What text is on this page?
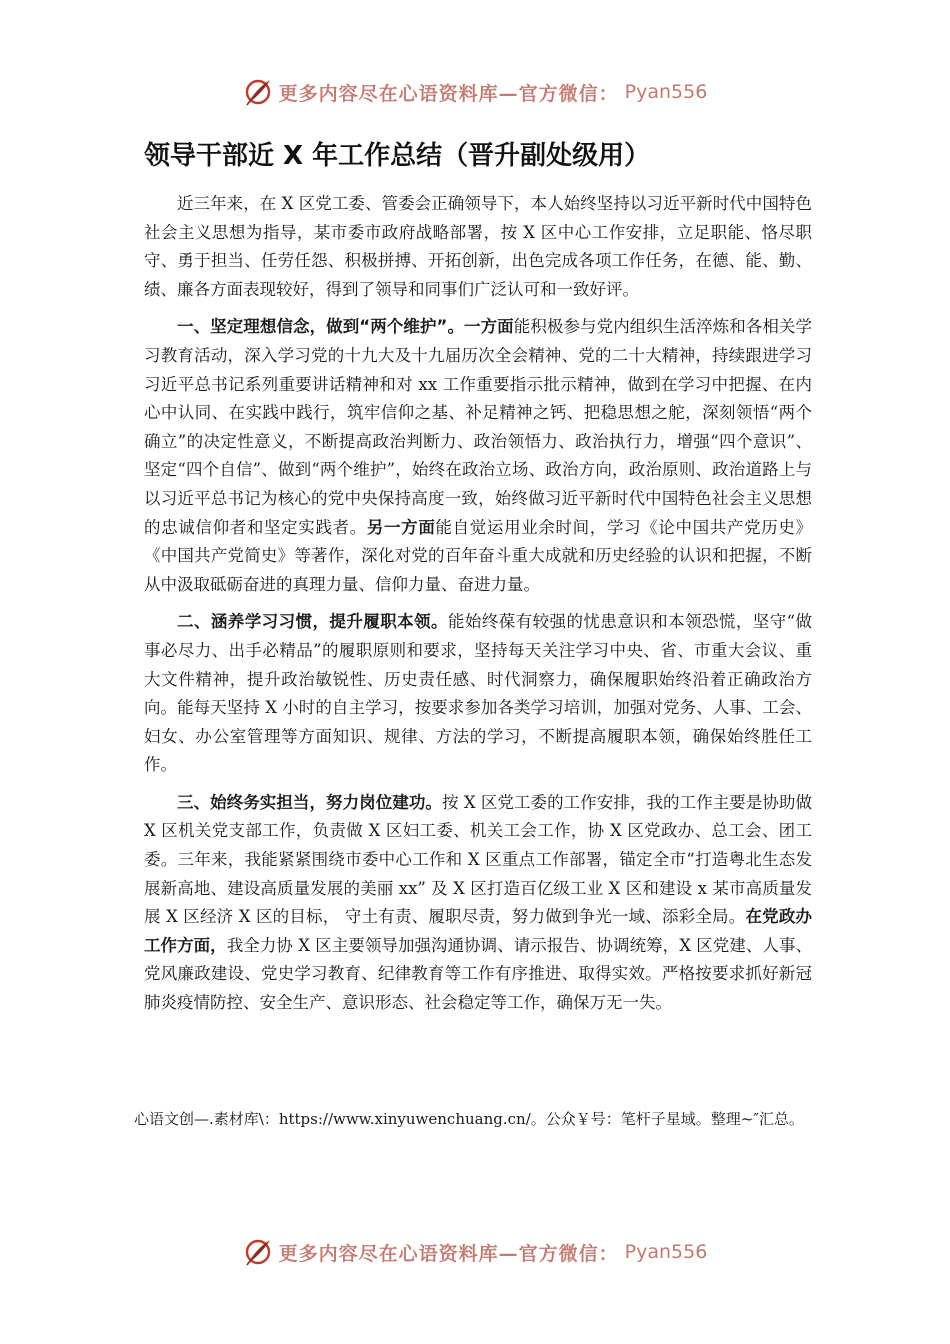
更多内容尽在心语资料库—官方微信： Pyan556
领导干部近 X 年工作总结（晋升副处级用）

近三年来，在 X 区党工委、管委会正确领导下，本人始终坚持以习近平新时代中国特色社会主义思想为指导，某市委市政府战略部署，按 X 区中心工作安排，立足职能、恪尽职守、勇于担当、任劳任怨、积极拼搏、开拓创新，出色完成各项工作任务，在德、能、勤、绩、廉各方面表现较好，得到了领导和同事们广泛认可和一致好评。

一、坚定理想信念，做到“两个维护”。一方面能积极参与党内组织生活淬炼和各相关学习教育活动，深入学习党的十九大及十九届历次全会精神、党的二十大精神，持续跟进学习习近平总书记系列重要讲话精神和对 xx 工作重要指示批示精神，做到在学习中把握、在内心中认同、在实践中践行，筑牢信仰之基、补足精神之钙、把稳思想之舵，深刻领悟“两个确立”的决定性意义，不断提高政治判断力、政治领悟力、政治执行力，增强“四个意识”、坚定“四个自信”、做到“两个维护”，始终在政治立场、政治方向，政治原则、政治道路上与以习近平总书记为核心的党中央保持高度一致，始终做习近平新时代中国特色社会主义思想的忠诚信仰者和坚定实践者。另一方面能自觉运用业余时间，学习《论中国共产党历史》《中国共产党简史》等著作，深化对党的百年奋斗重大成就和历史经验的认识和把握，不断从中汲取砥砺奋进的真理力量、信仰力量、奋进力量。

二、涵养学习习惯，提升履职本领。能始终葆有较强的忧患意识和本领恐慌，坚守“做事必尽力、出手必精品”的履职原则和要求，坚持每天关注学习中央、省、市重大会议、重大文件精神，提升政治敏锐性、历史责任感、时代洞察力，确保履职始终沿着正确政治方向。能每天坚持 X 小时的自主学习，按要求参加各类学习培训，加强对党务、人事、工会、妇女、办公室管理等方面知识、规律、方法的学习，不断提高履职本领，确保始终胜任工作。

三、始终务实担当，努力岗位建功。按 X 区党工委的工作安排，我的工作主要是协助做 X 区机关党支部工作，负责做 X 区妇工委、机关工会工作，协 X 区党政办、总工会、团工委。三年来，我能紧紧围绕市委中心工作和 X 区重点工作部署，锚定全市“打造粤北生态发展新高地、建设高质量发展的美丽 xx” 及 X 区打造百亿级工业 X 区和建设 x 某市高质量发展 X 区经济 X 区的目标， 守土有责、履职尽责，努力做到争光一域、添彩全局。在党政办工作方面，我全力协 X 区主要领导加强沟通协调、请示报告、协调统筹，X 区党建、人事、党风廉政建设、党史学习教育、纪律教育等工作有序推进、取得实效。严格按要求抓好新冠肺炎疫情防控、安全生产、意识形态、社会稳定等工作，确保万无一失。

心语文创—.素材库\：https://www.xinyuwenchuang.cn/。公众￥号：笔杆子星域。整理~″汇总。

更多内容尽在心语资料库—官方微信： Pyan556
